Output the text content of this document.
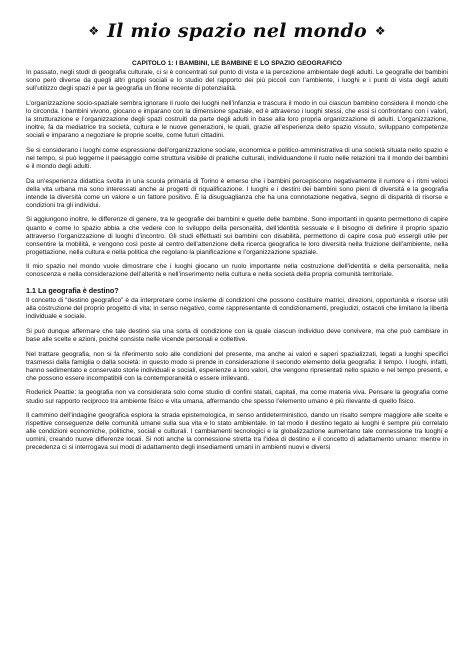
❖ Il mio spazio nel mondo ❖
CAPITOLO 1: I BAMBINI, LE BAMBINE E LO SPAZIO GEOGRAFICO

In passato, negli studi di geografia culturale, ci si è concentrati sul punto di vista e la percezione ambientale degli adulti. Le geografie dei bambini sono però diverse da quegli altri gruppi sociali e lo studio del rapporto dei più piccoli con l’ambiente, i luoghi e i punti di vista degli adulti sull’utilizzo degli spazi è per la geografia un filone recente di potenzialità.

L’organizzazione socio-spaziale sembra ignorare il ruolo dei luoghi nell’infanzia e trascura il modo in cui ciascun bambino considera il mondo che lo circonda. I bambini vivono, giocano e imparano con la dimensione spaziale, ed è attraverso i luoghi stessi, che essi si confrontano con i valori, la strutturazione e l’organizzazione degli spazi costruiti da parte degli adulti in base alla loro propria organizzazione di adulti. L’organizzazione, inoltre, fa da mediatrice tra società, cultura e le nuove generazioni, le quali, grazie all’esperienza dello spazio vissuto, sviluppano competenze sociali e imparano a negoziare le proprie scelte, come futuri cittadini.

Se si considerano i luoghi come espressione dell’organizzazione sociale, economica e politico-amministrativa di una società situata nello spazio e nel tempo, si può leggerne il paesaggio come struttura visibile di pratiche culturali, individuandone il ruolo nelle relazioni tra il mondo dei bambini e il mondo degli adulti.

Da un’esperienza didattica svolta in una scuola primaria di Torino è emerso che i bambini percepiscono negativamente il rumore e i ritmi veloci della vita urbana ma sono interessati anche ai progetti di riqualificazione. I luoghi e i destini dei bambini sono pieni di diversità e la geografia intende la diversità come un valore e un fattore positivo. È la disuguaglianza che ha una connotazione negativa, segno di disparità di risorse e condizioni tra gli individui.

Si aggiungono inoltre, le differenze di genere, tra le geografie dei bambini e quelle delle bambine. Sono importanti in quanto permettono di capire quanto e come lo spazio abbia a che vedere con lo sviluppo della personalità, dell’identità sessuale e il bisogno di definire il proprio spazio attraverso l’organizzazione di luoghi d’incontro. Gli studi effettuati sui bambini con disabilità, permettono di capire cosa può essergli utile per consentire la mobilità, e vengono così poste al centro dell’attenzione della ricerca geografica le loro diversità nella fruizione dell’ambiente, nella progettazione, nella cultura e nella politica che regolano la pianificazione e l’organizzazione spaziale.

Il mio spazio nel mondo vuole dimostrare che i luoghi giocano un ruolo importante nella costruzione dell’identità e della personalità, nella conoscenza e nella considerazione dell’alterità e nell’inserimento nella cultura e nella società della propria comunità territoriale.

1.1 La geografia è destino?

Il concetto di “destino geografico” è da interpretare come insieme di condizioni che possono costituire matrici, direzioni, opportunità e risorse utili alla costruzione del proprio progetto di vita; in senso negativo, come rappresentante di condizionamenti, pregiudizi, ostacoli che limitano la libertà individuale e sociale.

Si può dunque affermare che tale destino sia una sorta di condizione con la quale ciascun individuo deve convivere, ma che può cambiare in base alle scelte e azioni, poiché consiste nelle vicende personali e collettive.

Nel trattare geografia, non si fa riferimento solo alle condizioni del presente, ma anche ai valori e saperi spazializzati, legati a luoghi specifici trasmessi dalla famiglia o dalla società: in questo modo si prende in considerazione il secondo elemento della geografia: il tempo. I luoghi, infatti, hanno sedimentato e conservato storie individuali e sociali, esperienze a loro valori, che vengono ripresentati nello spazio e nel tempo presenti, e che possono essere incompatibili con la contemporaneità o essere irrilevanti.

Roderick Peattie: la geografia non va considerata solo come studio di confini statali, capitali, ma come materia viva. Pensare la geografia come studio sul rapporto reciproco tra ambiente fisico e vita umana, affermando che spesso l’elemento umano è più rilevante di quello fisico.

Il cammino dell’indagine geografica esplora la strada epistemologica, in senso antideterministico, dando un risalto sempre maggiore alle scelte e rispettive conseguenze delle comunità umane sulla sua vita e lo stato ambientale. In tal modo il destino legato ai luoghi è sempre più correlato alle condizioni economiche, politiche, sociali e culturali. I cambiamenti tecnologici e la globalizzazione aumentano tale connessione tra luoghi e uomini, creando nuove differenze locali. Si noti anche la connessione stretta tra l’idea di destino e il concetto di adattamento umano: mentre in precedenza ci si interrogava sui modi di adattamento degli insediamenti umani in ambienti nuovi e diversi
